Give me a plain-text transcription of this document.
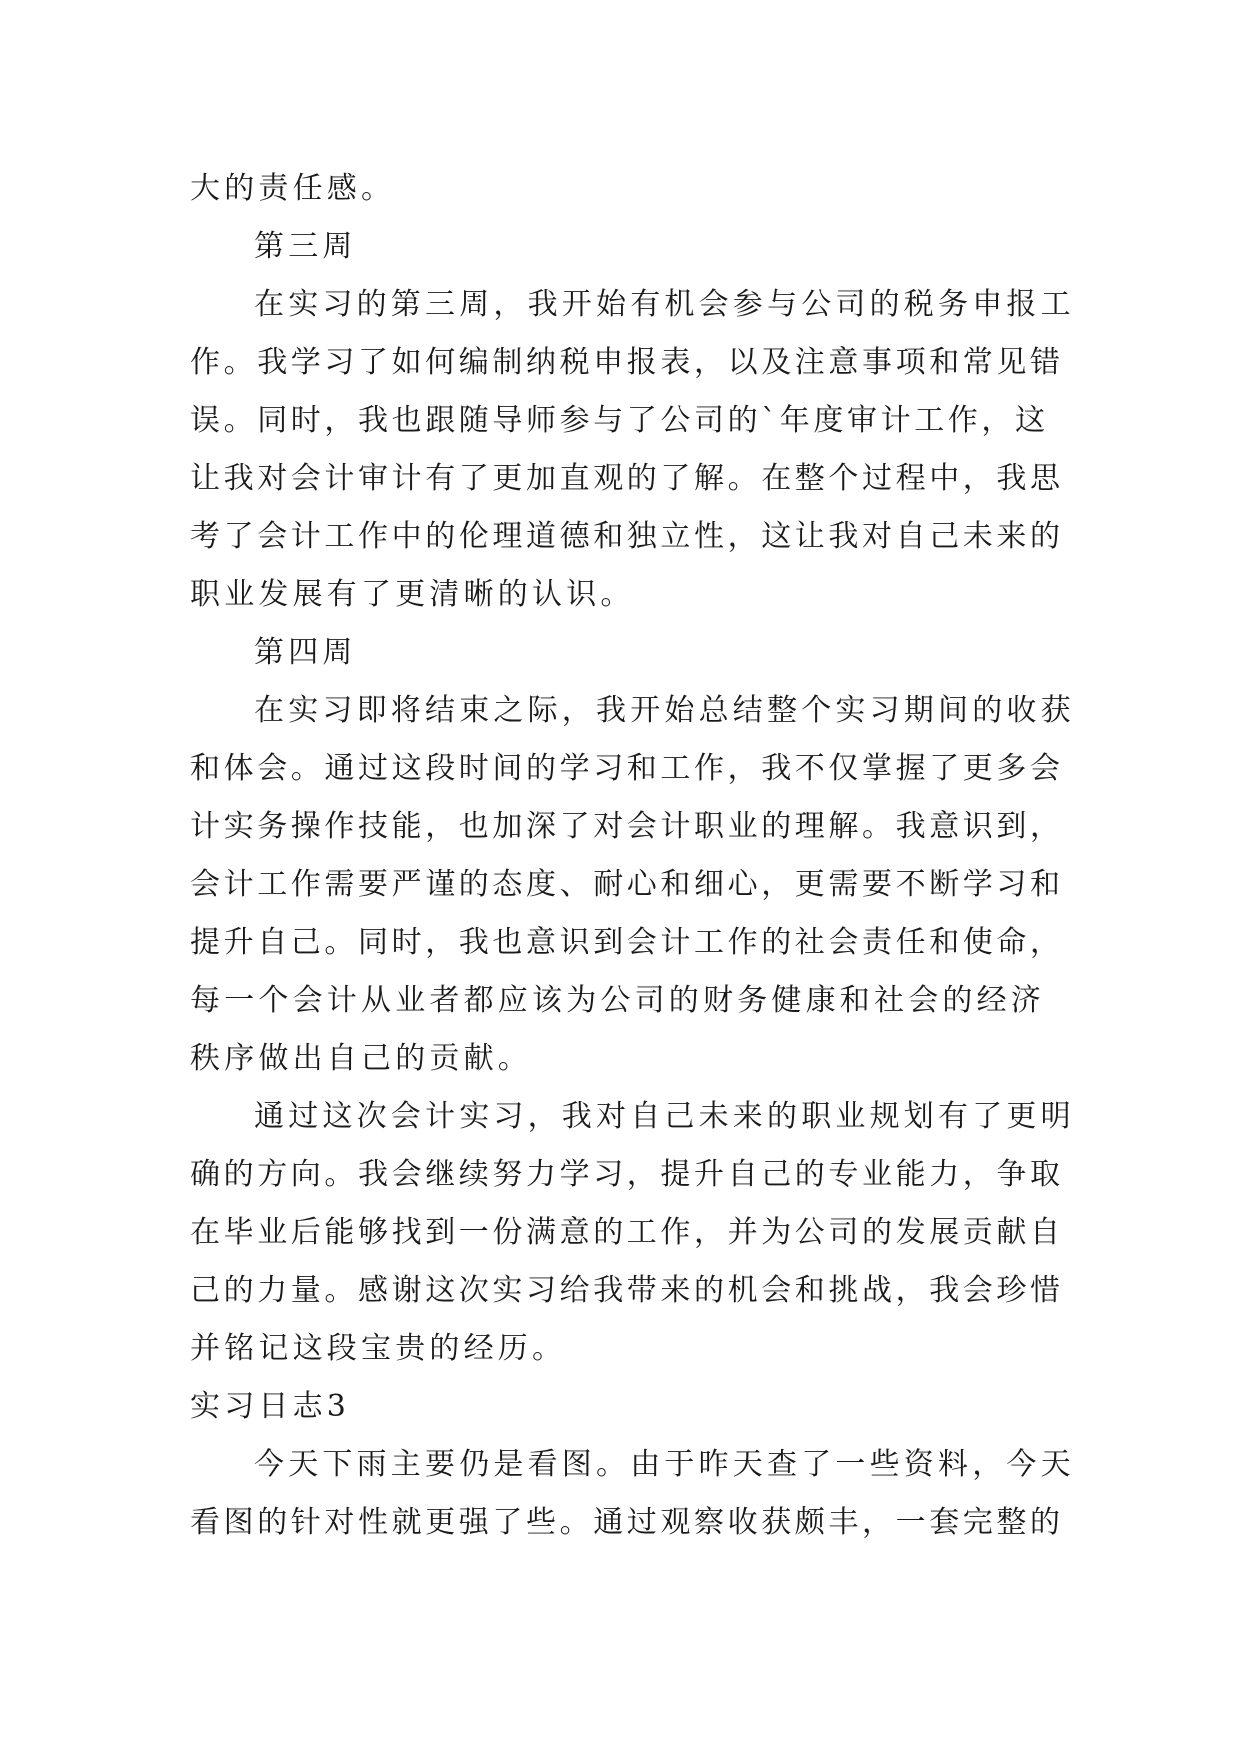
大的责任感。
第三周
在实习的第三周，我开始有机会参与公司的税务申报工
作。我学习了如何编制纳税申报表，以及注意事项和常见错
误。同时，我也跟随导师参与了公司的`年度审计工作，这
让我对会计审计有了更加直观的了解。在整个过程中，我思
考了会计工作中的伦理道德和独立性，这让我对自己未来的
职业发展有了更清晰的认识。
第四周
在实习即将结束之际，我开始总结整个实习期间的收获
和体会。通过这段时间的学习和工作，我不仅掌握了更多会
计实务操作技能，也加深了对会计职业的理解。我意识到，
会计工作需要严谨的态度、耐心和细心，更需要不断学习和
提升自己。同时，我也意识到会计工作的社会责任和使命，
每一个会计从业者都应该为公司的财务健康和社会的经济
秩序做出自己的贡献。
通过这次会计实习，我对自己未来的职业规划有了更明
确的方向。我会继续努力学习，提升自己的专业能力，争取
在毕业后能够找到一份满意的工作，并为公司的发展贡献自
己的力量。感谢这次实习给我带来的机会和挑战，我会珍惜
并铭记这段宝贵的经历。
实习日志3
今天下雨主要仍是看图。由于昨天查了一些资料，今天
看图的针对性就更强了些。通过观察收获颇丰，一套完整的
